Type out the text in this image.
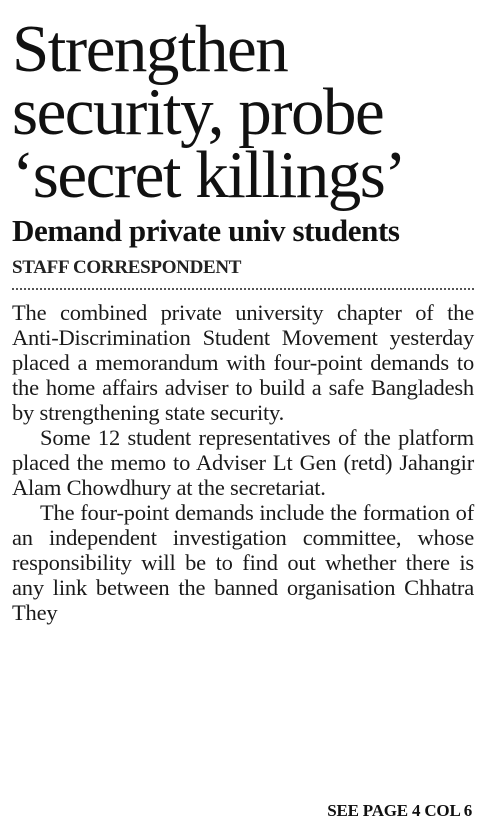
Strengthen
security, probe
‘secret killings’
Demand private univ students
STAFF CORRESPONDENT

The combined private university chapter of the Anti-Discrimination Student Movement yesterday placed a memorandum with four-point demands to the home affairs adviser to build a safe Bangladesh by strengthening state security.

Some 12 student representatives of the platform placed the memo to Adviser Lt Gen (retd) Jahangir Alam Chowdhury at the secretariat.

The four-point demands include the formation of an independent investigation committee, whose responsibility will be to find out whether there is any link between the banned organisation Chhatra They

SEE PAGE 4 COL 6
